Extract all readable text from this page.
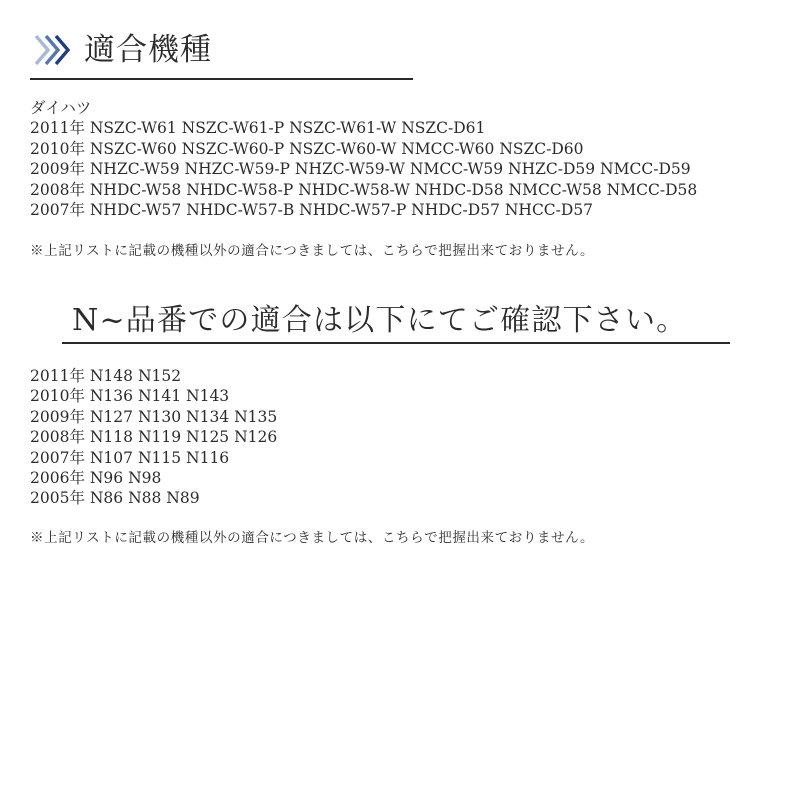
適合機種
ダイハツ
2011年 NSZC-W61 NSZC-W61-P NSZC-W61-W NSZC-D61
2010年 NSZC-W60 NSZC-W60-P NSZC-W60-W NMCC-W60 NSZC-D60
2009年 NHZC-W59 NHZC-W59-P NHZC-W59-W NMCC-W59 NHZC-D59 NMCC-D59
2008年 NHDC-W58 NHDC-W58-P NHDC-W58-W NHDC-D58 NMCC-W58 NMCC-D58
2007年 NHDC-W57 NHDC-W57-B NHDC-W57-P NHDC-D57 NHCC-D57
※上記リストに記載の機種以外の適合につきましては、こちらで把握出来ておりません。
N~品番での適合は以下にてご確認下さい。
2011年 N148 N152
2010年 N136 N141 N143
2009年 N127 N130 N134 N135
2008年 N118 N119 N125 N126
2007年 N107 N115 N116
2006年 N96 N98
2005年 N86 N88 N89
※上記リストに記載の機種以外の適合につきましては、こちらで把握出来ておりません。
